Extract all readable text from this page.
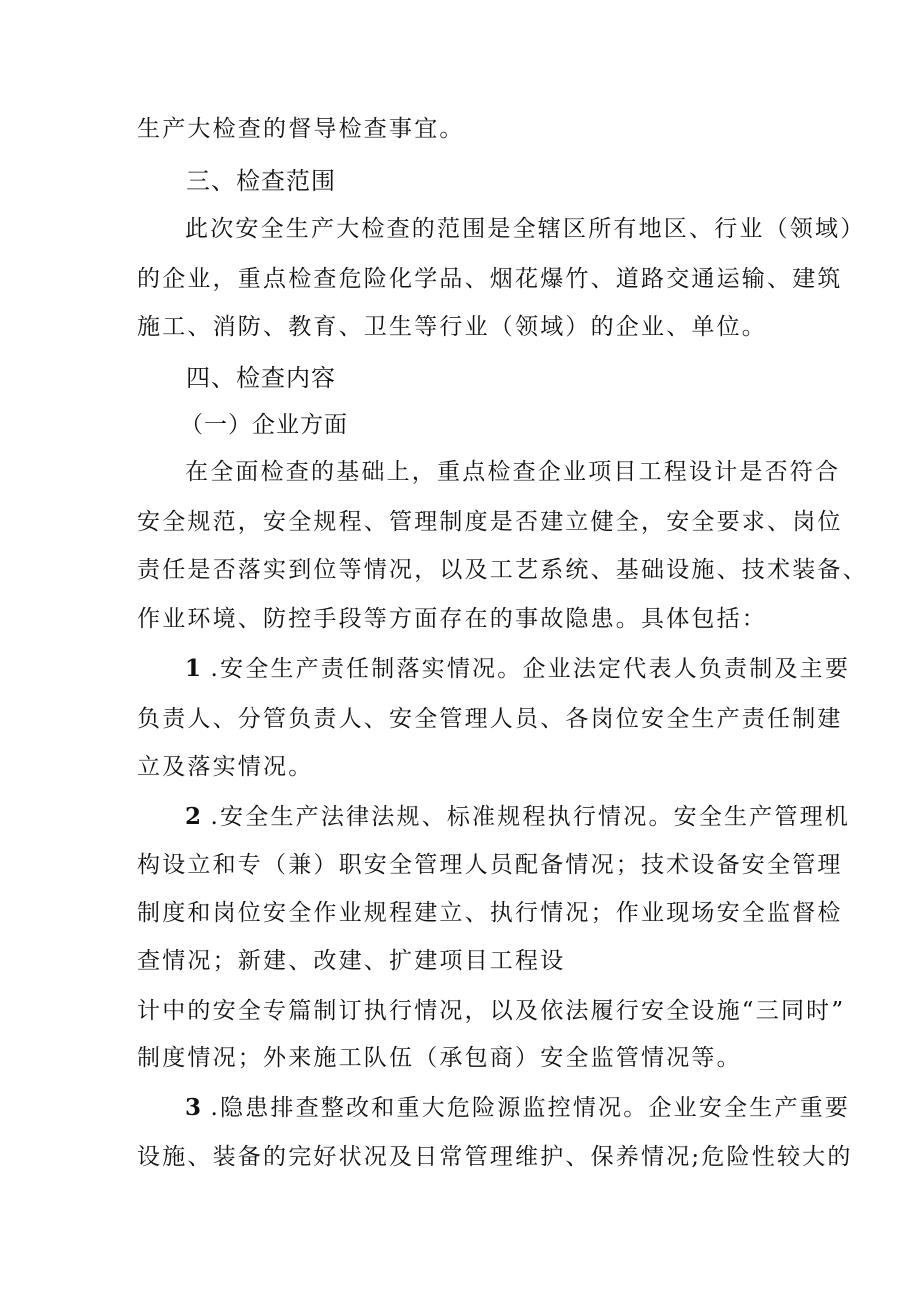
生产大检查的督导检查事宜。
三、检查范围
此次安全生产大检查的范围是全辖区所有地区、行业（领域）
的企业，重点检查危险化学品、烟花爆竹、道路交通运输、建筑
施工、消防、教育、卫生等行业（领域）的企业、单位。
四、检查内容
（一）企业方面
在全面检查的基础上，重点检查企业项目工程设计是否符合
安全规范，安全规程、管理制度是否建立健全，安全要求、岗位
责任是否落实到位等情况，以及工艺系统、基础设施、技术装备、
作业环境、防控手段等方面存在的事故隐患。具体包括：
1 .安全生产责任制落实情况。企业法定代表人负责制及主要
负责人、分管负责人、安全管理人员、各岗位安全生产责任制建
立及落实情况。
2 .安全生产法律法规、标准规程执行情况。安全生产管理机
构设立和专（兼）职安全管理人员配备情况；技术设备安全管理
制度和岗位安全作业规程建立、执行情况；作业现场安全监督检
查情况；新建、改建、扩建项目工程设
计中的安全专篇制订执行情况，以及依法履行安全设施“三同时”
制度情况；外来施工队伍（承包商）安全监管情况等。
3 .隐患排查整改和重大危险源监控情况。企业安全生产重要
设施、装备的完好状况及日常管理维护、保养情况;危险性较大的
